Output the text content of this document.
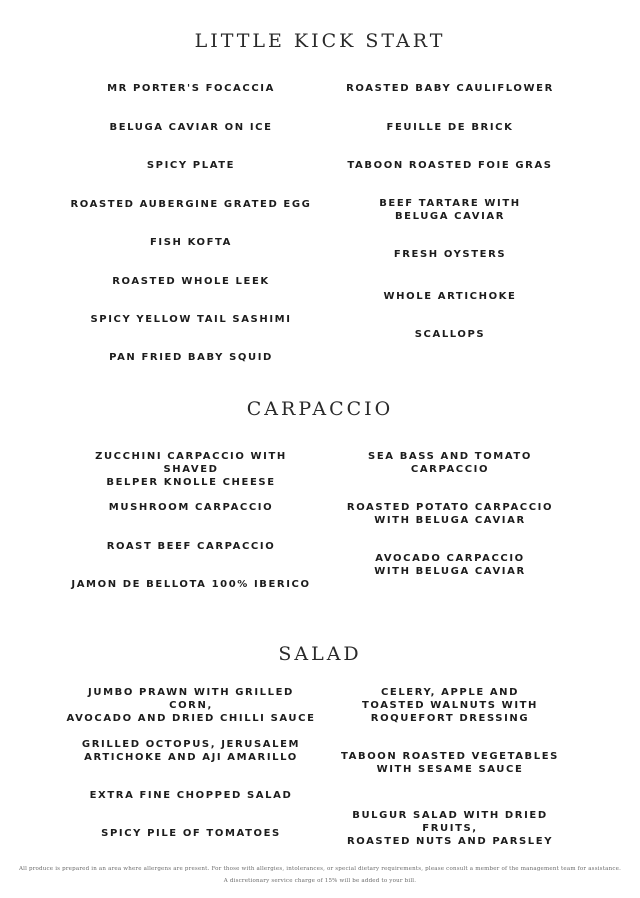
LITTLE KICK START
MR PORTER'S FOCACCIA
BELUGA CAVIAR ON ICE
SPICY PLATE
ROASTED AUBERGINE GRATED EGG
FISH KOFTA
ROASTED WHOLE LEEK
SPICY YELLOW TAIL SASHIMI
PAN FRIED BABY SQUID
ROASTED BABY CAULIFLOWER
FEUILLE DE BRICK
TABOON ROASTED FOIE GRAS
BEEF TARTARE WITH
BELUGA CAVIAR
FRESH OYSTERS
WHOLE ARTICHOKE
SCALLOPS
CARPACCIO
ZUCCHINI CARPACCIO WITH SHAVED
BELPER KNOLLE CHEESE
MUSHROOM CARPACCIO
ROAST BEEF CARPACCIO
JAMON DE BELLOTA 100% IBERICO
SEA BASS AND TOMATO
CARPACCIO
ROASTED POTATO CARPACCIO
WITH BELUGA CAVIAR
AVOCADO CARPACCIO
WITH BELUGA CAVIAR
SALAD
JUMBO PRAWN WITH GRILLED CORN,
AVOCADO AND DRIED CHILLI SAUCE
GRILLED OCTOPUS, JERUSALEM
ARTICHOKE AND AJI AMARILLO
EXTRA FINE CHOPPED SALAD
SPICY PILE OF TOMATOES
CELERY, APPLE AND
TOASTED WALNUTS WITH
ROQUEFORT DRESSING
TABOON ROASTED VEGETABLES
WITH SESAME SAUCE
BULGUR SALAD WITH DRIED FRUITS,
ROASTED NUTS AND PARSLEY
All produce is prepared in an area where allergens are present. For those with allergies, intolerances, or special dietary requirements, please consult a member of the management team for assistance.
A discretionary service charge of 15% will be added to your bill.
